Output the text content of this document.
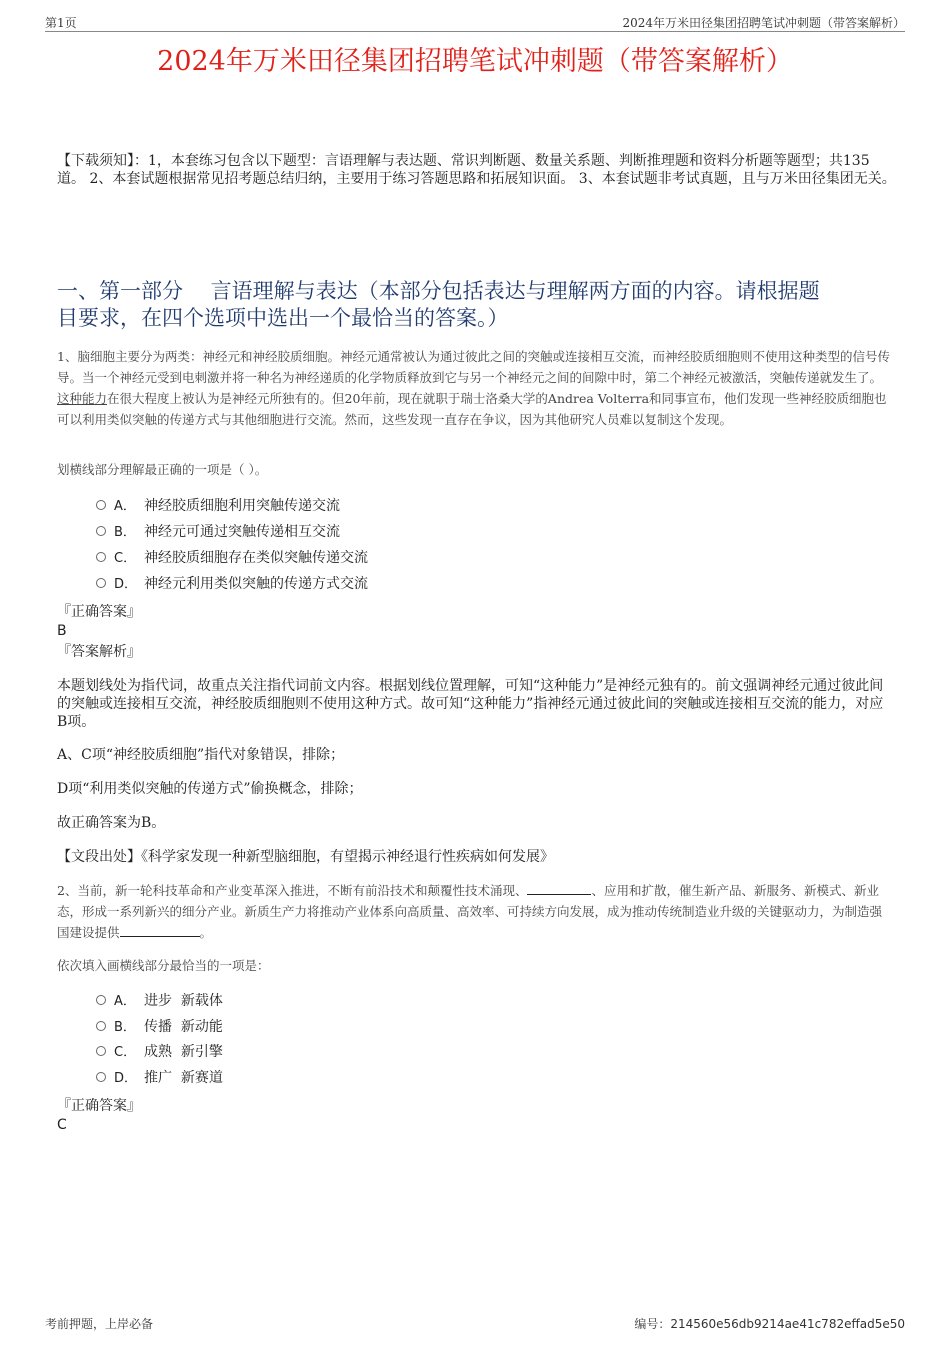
第1页	2024年万米田径集团招聘笔试冲刺题（带答案解析）
2024年万米田径集团招聘笔试冲刺题（带答案解析）
【下载须知】：1，本套练习包含以下题型：言语理解与表达题、常识判断题、数量关系题、判断推理题和资料分析题等题型；共135道。 2、本套试题根据常见招考题总结归纳，主要用于练习答题思路和拓展知识面。 3、本套试题非考试真题，且与万米田径集团无关。
一、第一部分　 言语理解与表达（本部分包括表达与理解两方面的内容。请根据题
目要求，在四个选项中选出一个最恰当的答案。）
1、脑细胞主要分为两类：神经元和神经胶质细胞。神经元通常被认为通过彼此之间的突触或连接相互交流，而神经胶质细胞则不使用这种类型的信号传导。当一个神经元受到电刺激并将一种名为神经递质的化学物质释放到它与另一个神经元之间的间隙中时，第二个神经元被激活，突触传递就发生了。这种能力在很大程度上被认为是神经元所独有的。但20年前，现在就职于瑞士洛桑大学的Andrea Volterra和同事宣布，他们发现一些神经胶质细胞也可以利用类似突触的传递方式与其他细胞进行交流。然而，这些发现一直存在争议，因为其他研究人员难以复制这个发现。
划横线部分理解最正确的一项是（ ）。
A． 神经胶质细胞利用突触传递交流
B． 神经元可通过突触传递相互交流
C． 神经胶质细胞存在类似突触传递交流
D． 神经元利用类似突触的传递方式交流
『正确答案』
B
『答案解析』
本题划线处为指代词，故重点关注指代词前文内容。根据划线位置理解，可知“这种能力”是神经元独有的。前文强调神经元通过彼此间的突触或连接相互交流，神经胶质细胞则不使用这种方式。故可知“这种能力”指神经元通过彼此间的突触或连接相互交流的能力，对应B项。
A、C项“神经胶质细胞”指代对象错误，排除；
D项“利用类似突触的传递方式”偷换概念，排除；
故正确答案为B。
【文段出处】《科学家发现一种新型脑细胞，有望揭示神经退行性疾病如何发展》
2、当前，新一轮科技革命和产业变革深入推进，不断有前沿技术和颠覆性技术涌现、	、应用和扩散，催生新产品、新服务、新模式、新业态，形成一系列新兴的细分产业。新质生产力将推动产业体系向高质量、高效率、可持续方向发展，成为推动传统制造业升级的关键驱动力，为制造强国建设提供	。
依次填入画横线部分最恰当的一项是：
A． 进步  新载体
B． 传播  新动能
C． 成熟  新引擎
D． 推广  新赛道
『正确答案』
C
考前押题，上岸必备	编号：214560e56db9214ae41c782effad5e50
